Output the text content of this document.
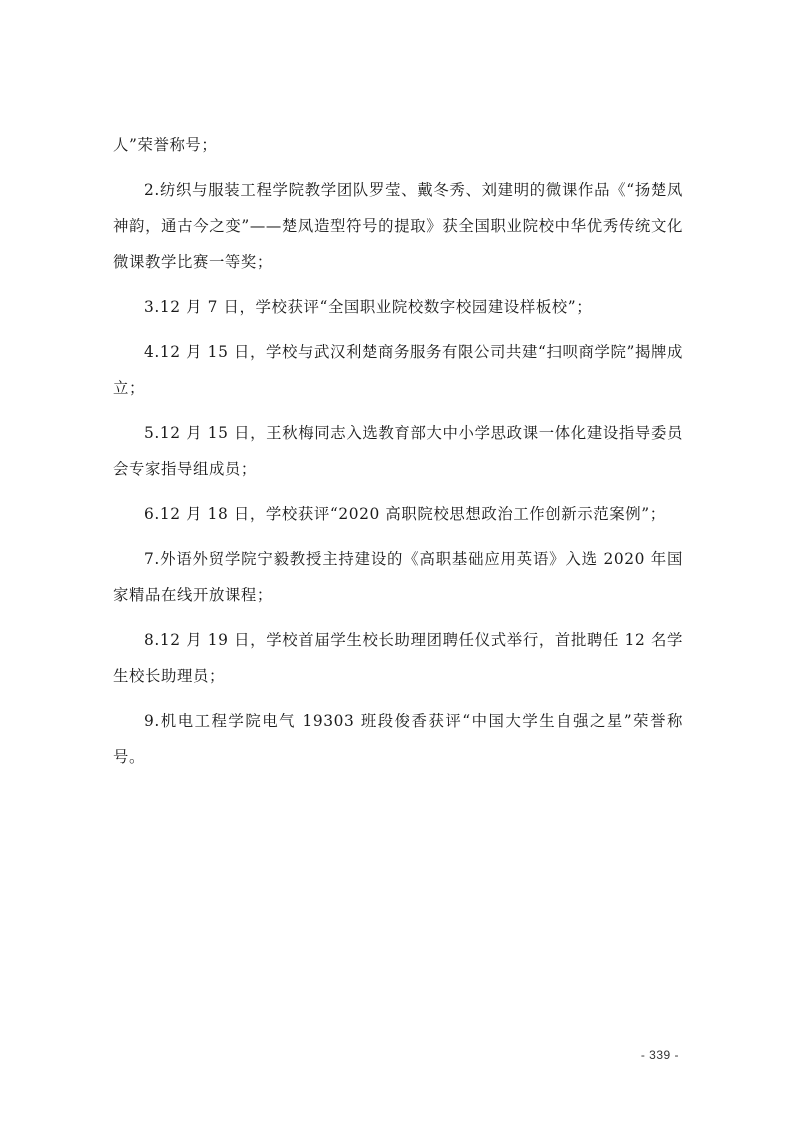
人”荣誉称号；

2.纺织与服装工程学院教学团队罗莹、戴冬秀、刘建明的微课作品《“扬楚凤神韵，通古今之变”——楚凤造型符号的提取》获全国职业院校中华优秀传统文化微课教学比赛一等奖；

3.12 月 7 日，学校获评“全国职业院校数字校园建设样板校”；

4.12 月 15 日，学校与武汉利楚商务服务有限公司共建“扫呗商学院”揭牌成立；

5.12 月 15 日，王秋梅同志入选教育部大中小学思政课一体化建设指导委员会专家指导组成员；

6.12 月 18 日，学校获评“2020 高职院校思想政治工作创新示范案例”；

7.外语外贸学院宁毅教授主持建设的《高职基础应用英语》入选 2020 年国家精品在线开放课程；

8.12 月 19 日，学校首届学生校长助理团聘任仪式举行，首批聘任 12 名学生校长助理员；

9.机电工程学院电气 19303 班段俊香获评“中国大学生自强之星”荣誉称号。

- 339 -
